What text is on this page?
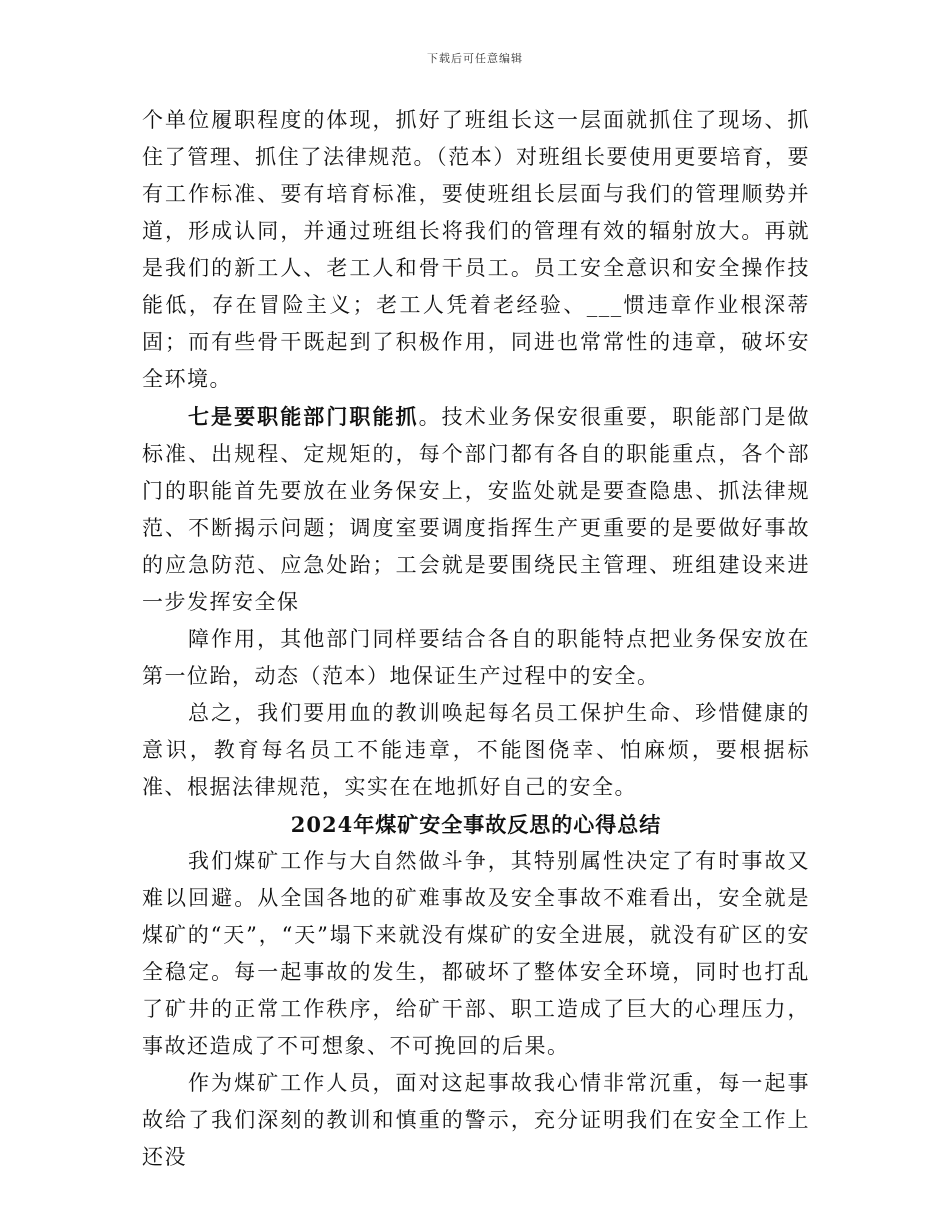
下载后可任意编辑

个单位履职程度的体现，抓好了班组长这一层面就抓住了现场、抓住了管理、抓住了法律规范。（范本）对班组长要使用更要培育，要有工作标准、要有培育标准，要使班组长层面与我们的管理顺势并道，形成认同，并通过班组长将我们的管理有效的辐射放大。再就是我们的新工人、老工人和骨干员工。员工安全意识和安全操作技能低，存在冒险主义；老工人凭着老经验、___惯违章作业根深蒂固；而有些骨干既起到了积极作用，同进也常常性的违章，破坏安全环境。

七是要职能部门职能抓。技术业务保安很重要，职能部门是做标准、出规程、定规矩的，每个部门都有各自的职能重点，各个部门的职能首先要放在业务保安上，安监处就是要查隐患、抓法律规范、不断揭示问题；调度室要调度指挥生产更重要的是要做好事故的应急防范、应急处跆；工会就是要围绕民主管理、班组建设来进一步发挥安全保

障作用，其他部门同样要结合各自的职能特点把业务保安放在第一位跆，动态（范本）地保证生产过程中的安全。

总之，我们要用血的教训唤起每名员工保护生命、珍惜健康的意识，教育每名员工不能违章，不能图侥幸、怕麻烦，要根据标准、根据法律规范，实实在在地抓好自己的安全。

2024年煤矿安全事故反思的心得总结

我们煤矿工作与大自然做斗争，其特别属性决定了有时事故又难以回避。从全国各地的矿难事故及安全事故不难看出，安全就是煤矿的“天”，“天”塌下来就没有煤矿的安全进展，就没有矿区的安全稳定。每一起事故的发生，都破坏了整体安全环境，同时也打乱了矿井的正常工作秩序，给矿干部、职工造成了巨大的心理压力，事故还造成了不可想象、不可挽回的后果。

作为煤矿工作人员，面对这起事故我心情非常沉重，每一起事故给了我们深刻的教训和慎重的警示，充分证明我们在安全工作上还没
